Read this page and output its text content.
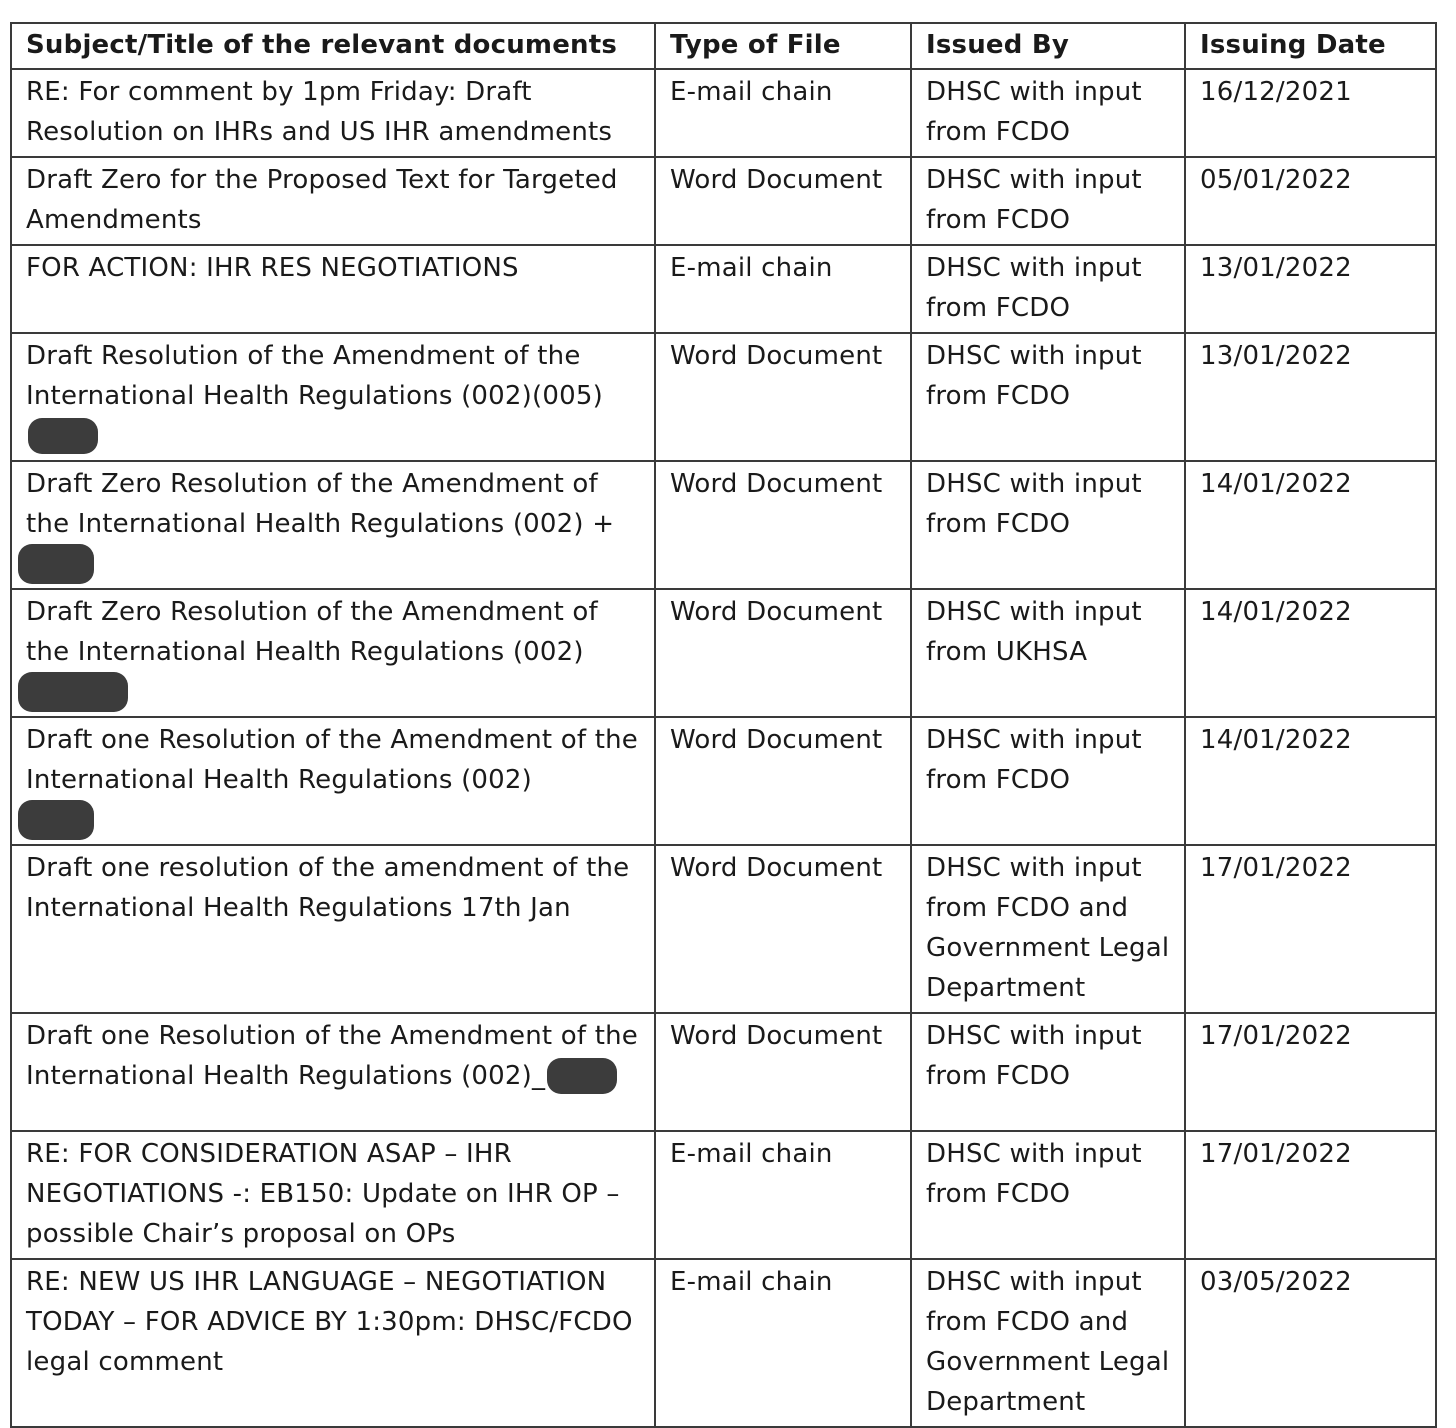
Subject/Title of the relevant documents	Type of File	Issued By	Issuing Date
RE: For comment by 1pm Friday: Draft Resolution on IHRs and US IHR amendments	E-mail chain	DHSC with input from FCDO	16/12/2021
Draft Zero for the Proposed Text for Targeted Amendments	Word Document	DHSC with input from FCDO	05/01/2022
FOR ACTION: IHR RES NEGOTIATIONS	E-mail chain	DHSC with input from FCDO	13/01/2022
Draft Resolution of the Amendment of the International Health Regulations (002)(005)	Word Document	DHSC with input from FCDO	13/01/2022
Draft Zero Resolution of the Amendment of the International Health Regulations (002) +	Word Document	DHSC with input from FCDO	14/01/2022
Draft Zero Resolution of the Amendment of the International Health Regulations (002)	Word Document	DHSC with input from UKHSA	14/01/2022
Draft one Resolution of the Amendment of the International Health Regulations (002)	Word Document	DHSC with input from FCDO	14/01/2022
Draft one resolution of the amendment of the International Health Regulations 17th Jan	Word Document	DHSC with input from FCDO and Government Legal Department	17/01/2022
Draft one Resolution of the Amendment of the International Health Regulations (002)_	Word Document	DHSC with input from FCDO	17/01/2022
RE: FOR CONSIDERATION ASAP – IHR NEGOTIATIONS -: EB150: Update on IHR OP – possible Chair’s proposal on OPs	E-mail chain	DHSC with input from FCDO	17/01/2022
RE: NEW US IHR LANGUAGE – NEGOTIATION TODAY – FOR ADVICE BY 1:30pm: DHSC/FCDO legal comment	E-mail chain	DHSC with input from FCDO and Government Legal Department	03/05/2022
